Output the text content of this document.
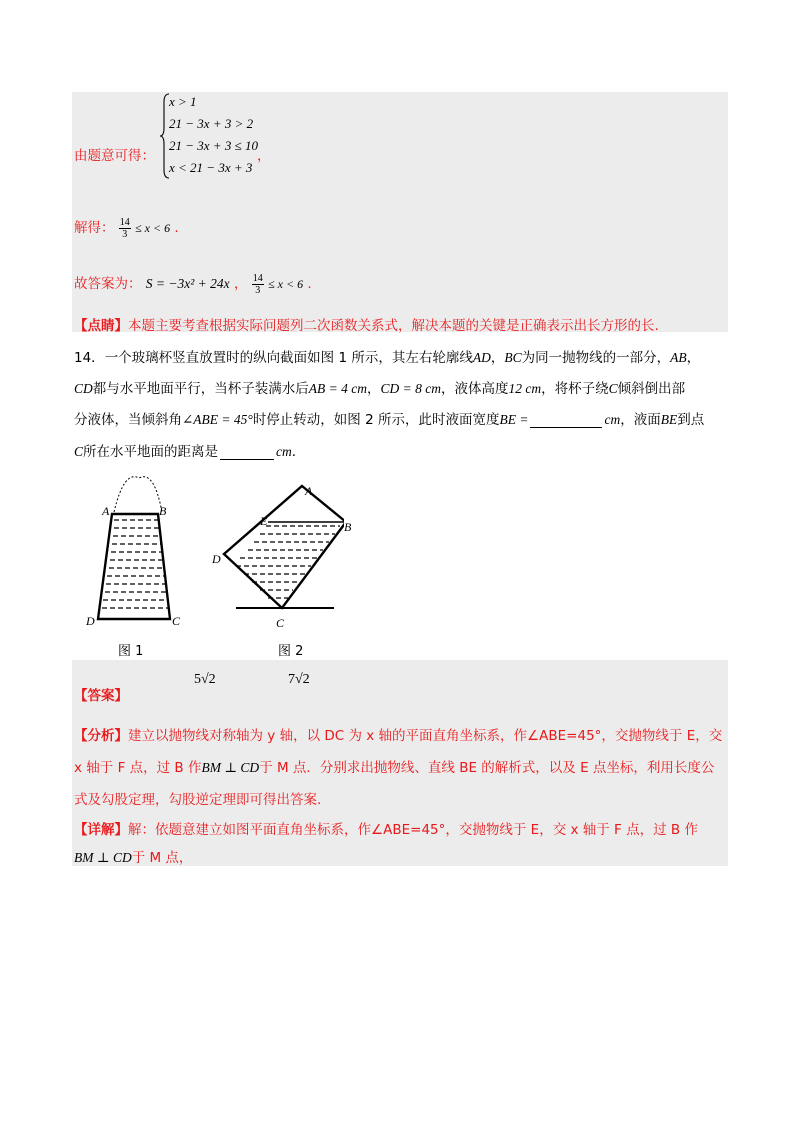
由题意可得：
x > 1
21 − 3x + 3 > 2
21 − 3x + 3 ≤ 10
x < 21 − 3x + 3
，
解得： $\frac{14}{3} \le x < 6$ .
故答案为： S = −3x² + 24x ， $\frac{14}{3} \le x < 6$ .
【点睛】本题主要考查根据实际问题列二次函数关系式，解决本题的关键是正确表示出长方形的长.
14．一个玻璃杯竖直放置时的纵向截面如图 1 所示，其左右轮廓线AD，BC为同一抛物线的一部分，AB，
CD都与水平地面平行，当杯子装满水后AB = 4 cm，CD = 8 cm，液体高度12 cm，将杯子绕C倾斜倒出部
分液体，当倾斜角∠ABE = 45°时停止转动，如图 2 所示，此时液面宽度BE =	cm，液面BE到点
C所在水平地面的距离是	cm.
A	B
D	C
图 1
A
E	B
D
C
图 2
【答案】
5√2	7√2
【分析】建立以抛物线对称轴为 y 轴，以 DC 为 x 轴的平面直角坐标系，作∠ABE=45°，交抛物线于 E，交
x 轴于 F 点，过 B 作BM ⊥ CD于 M 点．分别求出抛物线、直线 BE 的解析式，以及 E 点坐标，利用长度公
式及勾股定理，勾股逆定理即可得出答案.
【详解】解：依题意建立如图平面直角坐标系，作∠ABE=45°，交抛物线于 E，交 x 轴于 F 点，过 B 作
BM ⊥ CD于 M 点，
